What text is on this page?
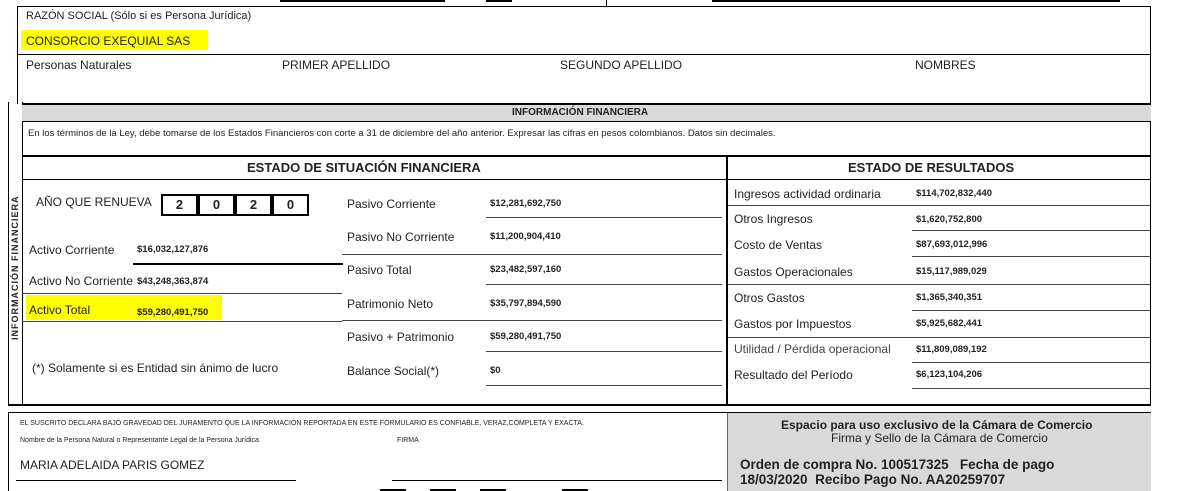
RAZÓN SOCIAL (Sólo si es Persona Jurídica)
CONSORCIO EXEQUIAL SAS
Personas Naturales	PRIMER APELLIDO	SEGUNDO APELLIDO	NOMBRES
INFORMACIÓN FINANCIERA
INFORMACIÓN FINANCIERA
En los términos de la Ley, debe tomarse de los Estados Financieros con corte a 31 de diciembre del año anterior. Expresar las cifras en pesos colombianos. Datos sin decimales.
ESTADO DE SITUACIÓN FINANCIERA	ESTADO DE RESULTADOS
AÑO QUE RENUEVA	2	0	2	0
Activo Corriente $16,032,127,876
Activo No Corriente $43,248,363,874
Activo Total	$59,280,491,750
(*) Solamente si es Entidad sin ánimo de lucro
Pasivo Corriente	$12,281,692,750
Pasivo No Corriente	$11,200,904,410
Pasivo Total	$23,482,597,160
Patrimonio Neto	$35,797,894,590
Pasivo + Patrimonio	$59,280,491,750
Balance Social(*)	$0
Ingresos actividad ordinaria	$114,702,832,440
Otros Ingresos	$1,620,752,800
Costo de Ventas	$87,693,012,996
Gastos Operacionales	$15,117,989,029
Otros Gastos	$1,365,340,351
Gastos por Impuestos	$5,925,682,441
Utilidad / Pérdida operacional	$11,809,089,192
Resultado del Período	$6,123,104,206
EL SUSCRITO DECLARA BAJO GRAVEDAD DEL JURAMENTO QUE LA INFORMACIÓN REPORTADA EN ESTE FORMULARIO ES CONFIABLE, VERAZ,COMPLETA Y EXACTA.
Nombre de la Persona Natural o Representante Legal de la Persona Jurídica	FIRMA
MARIA ADELAIDA PARIS GOMEZ
Espacio para uso exclusivo de la Cámara de Comercio
Firma y Sello de la Cámara de Comercio
Orden de compra No. 100517325   Fecha de pago
18/03/2020  Recibo Pago No. AA20259707
